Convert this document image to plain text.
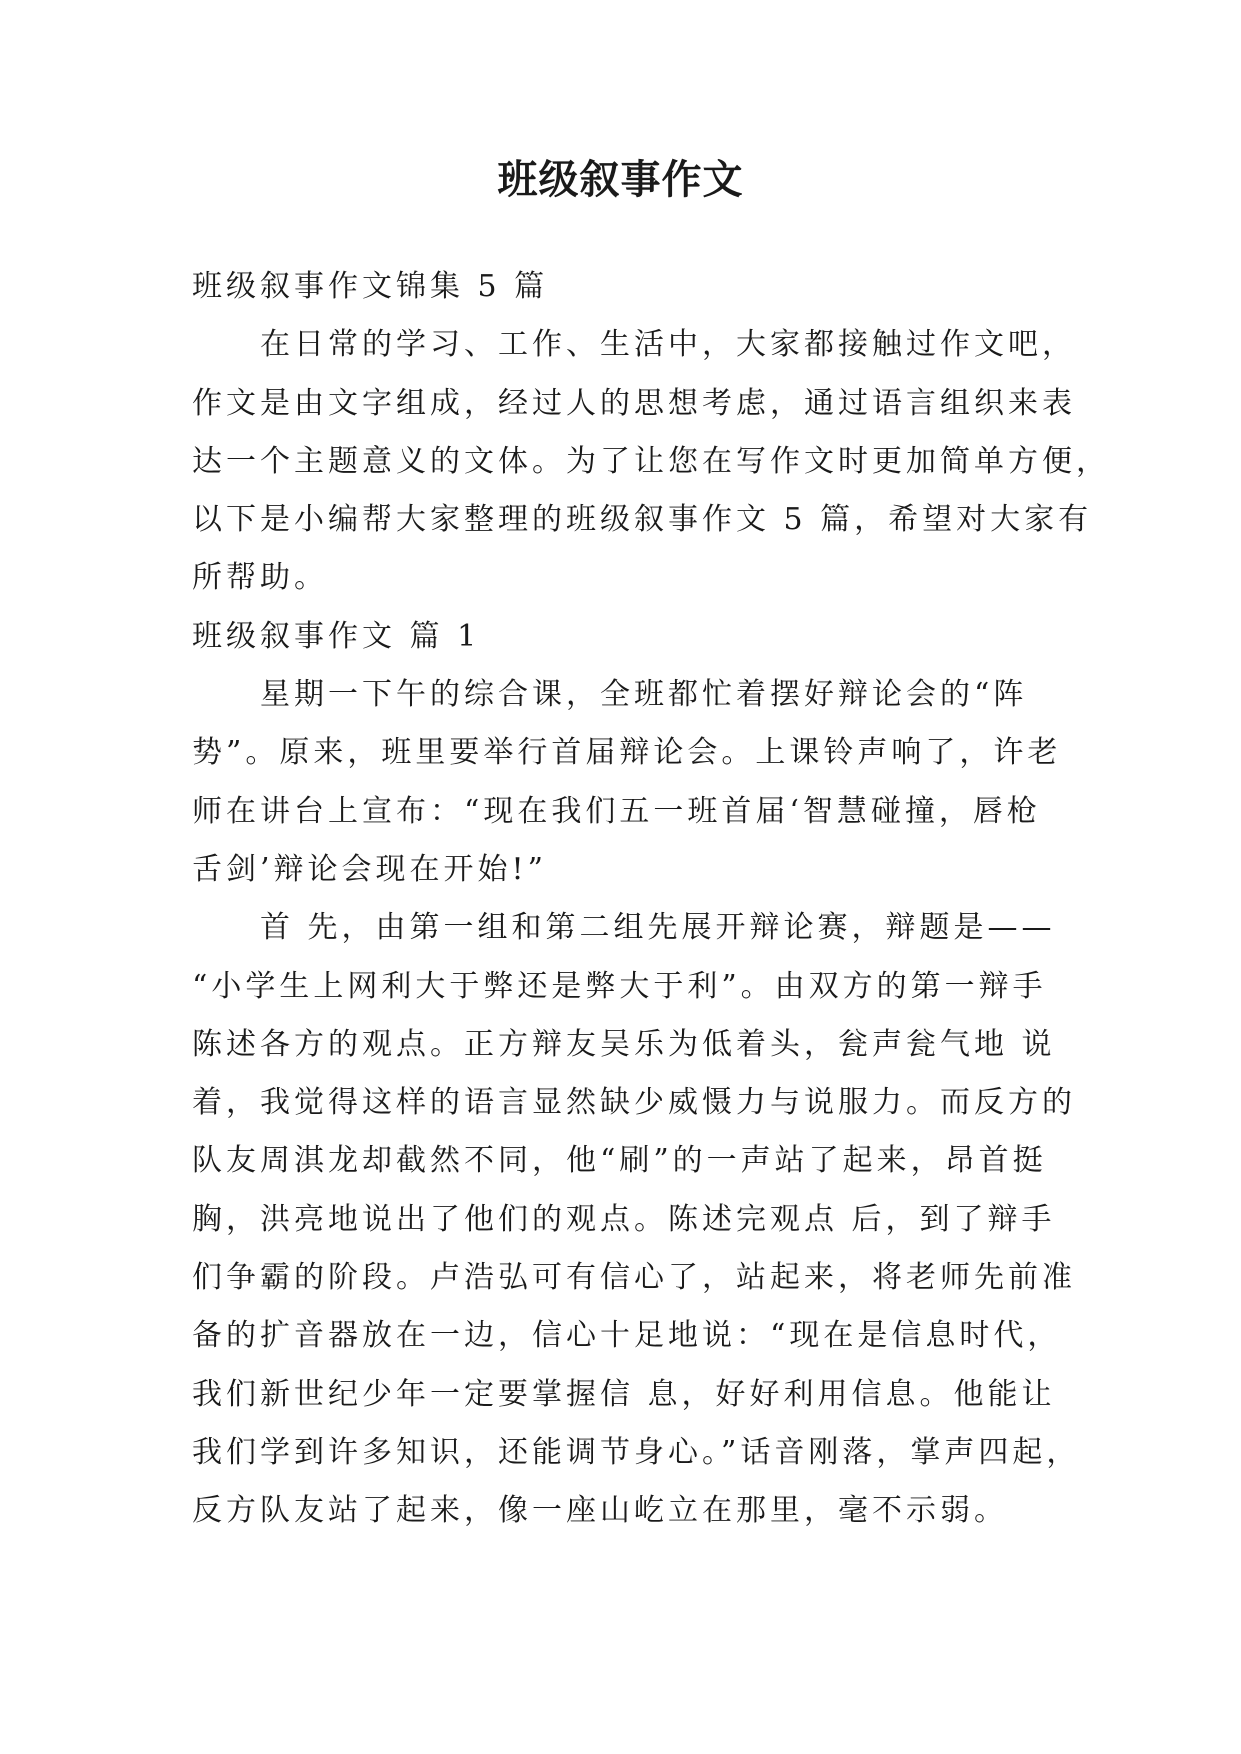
班级叙事作文
班级叙事作文锦集 5 篇
在日常的学习、工作、生活中，大家都接触过作文吧，
作文是由文字组成，经过人的思想考虑，通过语言组织来表
达一个主题意义的文体。为了让您在写作文时更加简单方便，
以下是小编帮大家整理的班级叙事作文 5 篇，希望对大家有
所帮助。
班级叙事作文 篇 1
星期一下午的综合课，全班都忙着摆好辩论会的“阵
势”。原来，班里要举行首届辩论会。上课铃声响了，许老
师在讲台上宣布：“现在我们五一班首届‘智慧碰撞，唇枪
舌剑’辩论会现在开始!”
首 先，由第一组和第二组先展开辩论赛，辩题是——
“小学生上网利大于弊还是弊大于利”。由双方的第一辩手
陈述各方的观点。正方辩友吴乐为低着头，瓮声瓮气地 说
着，我觉得这样的语言显然缺少威慑力与说服力。而反方的
队友周淇龙却截然不同，他“刷”的一声站了起来，昂首挺
胸，洪亮地说出了他们的观点。陈述完观点 后，到了辩手
们争霸的阶段。卢浩弘可有信心了，站起来，将老师先前准
备的扩音器放在一边，信心十足地说：“现在是信息时代，
我们新世纪少年一定要掌握信 息，好好利用信息。他能让
我们学到许多知识，还能调节身心。”话音刚落，掌声四起，
反方队友站了起来，像一座山屹立在那里，毫不示弱。
